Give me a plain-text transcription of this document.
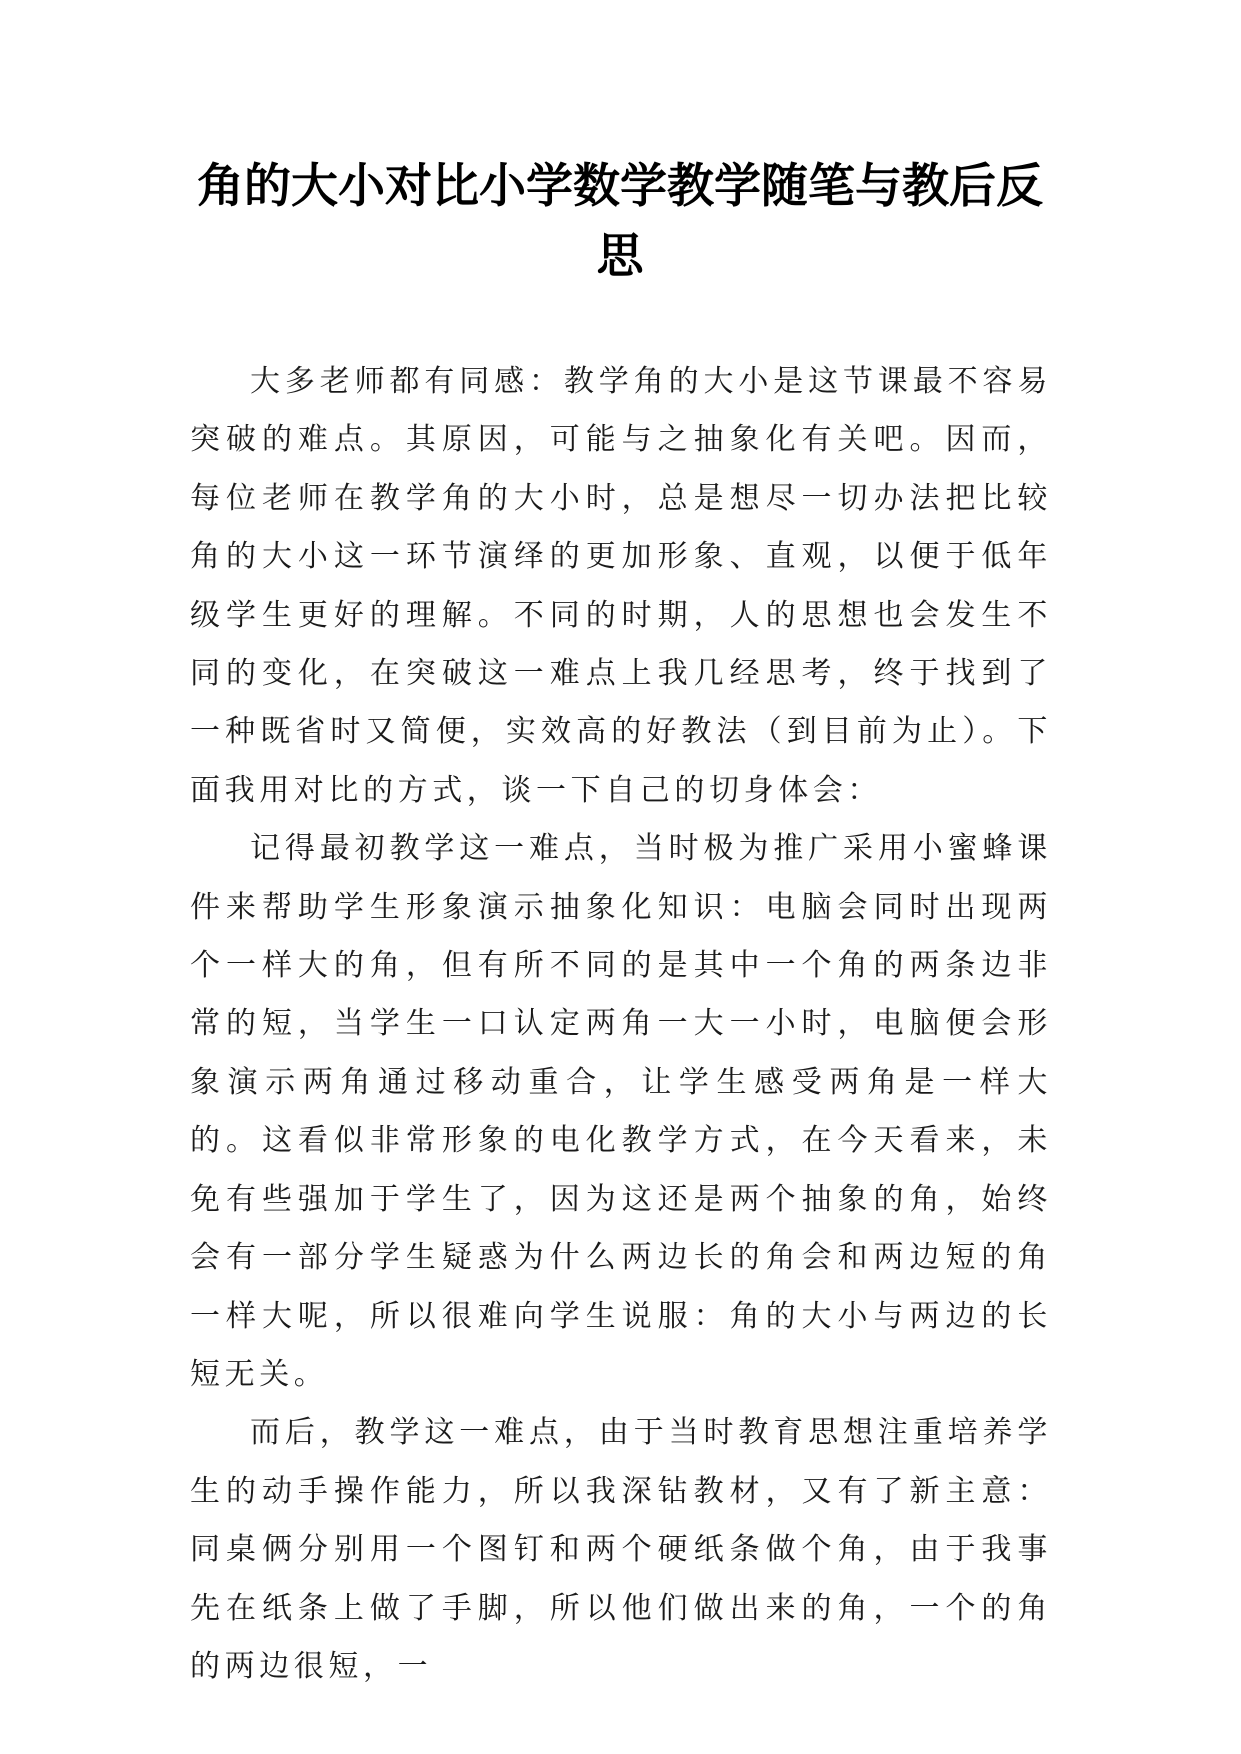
角的大小对比小学数学教学随笔与教后反思

大多老师都有同感：教学角的大小是这节课最不容易突破的难点。其原因，可能与之抽象化有关吧。因而，每位老师在教学角的大小时，总是想尽一切办法把比较角的大小这一环节演绎的更加形象、直观，以便于低年级学生更好的理解。不同的时期，人的思想也会发生不同的变化，在突破这一难点上我几经思考，终于找到了一种既省时又简便，实效高的好教法（到目前为止）。下面我用对比的方式，谈一下自己的切身体会：

记得最初教学这一难点，当时极为推广采用小蜜蜂课件来帮助学生形象演示抽象化知识：电脑会同时出现两个一样大的角，但有所不同的是其中一个角的两条边非常的短，当学生一口认定两角一大一小时，电脑便会形象演示两角通过移动重合，让学生感受两角是一样大的。这看似非常形象的电化教学方式，在今天看来，未免有些强加于学生了，因为这还是两个抽象的角，始终会有一部分学生疑惑为什么两边长的角会和两边短的角一样大呢，所以很难向学生说服：角的大小与两边的长短无关。

而后，教学这一难点，由于当时教育思想注重培养学生的动手操作能力，所以我深钻教材，又有了新主意：同桌俩分别用一个图钉和两个硬纸条做个角，由于我事先在纸条上做了手脚，所以他们做出来的角，一个的角的两边很短，一
